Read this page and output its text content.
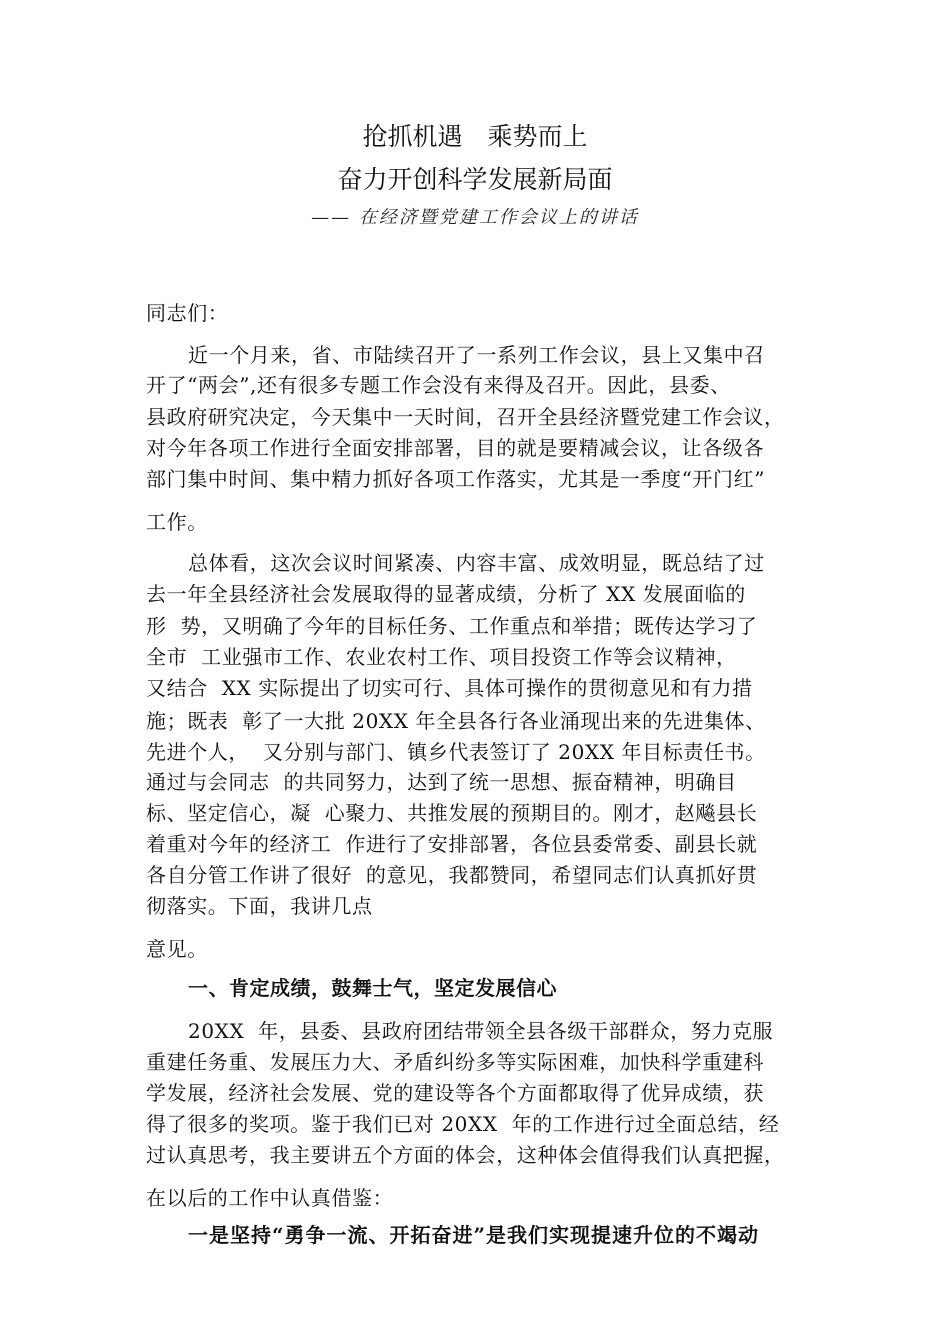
抢抓机遇　乘势而上
奋力开创科学发展新局面
—— 在经济暨党建工作会议上的讲话
同志们：
近一个月来，省、市陆续召开了一系列工作会议，县上又集中召
开了“两会”,还有很多专题工作会没有来得及召开。因此，县委、
县政府研究决定，今天集中一天时间，召开全县经济暨党建工作会议，
对今年各项工作进行全面安排部署，目的就是要精减会议，让各级各
部门集中时间、集中精力抓好各项工作落实，尤其是一季度“开门红”
工作。
总体看，这次会议时间紧凑、内容丰富、成效明显，既总结了过
去一年全县经济社会发展取得的显著成绩，分析了 XX 发展面临的
形  势，又明确了今年的目标任务、工作重点和举措；既传达学习了
全市  工业强市工作、农业农村工作、项目投资工作等会议精神，
又结合  XX 实际提出了切实可行、具体可操作的贯彻意见和有力措
施；既表  彰了一大批 20XX 年全县各行各业涌现出来的先进集体、
先进个人，  又分别与部门、镇乡代表签订了 20XX 年目标责任书。
通过与会同志  的共同努力，达到了统一思想、振奋精神，明确目
标、坚定信心，凝  心聚力、共推发展的预期目的。刚才，赵飚县长
着重对今年的经济工  作进行了安排部署，各位县委常委、副县长就
各自分管工作讲了很好  的意见，我都赞同，希望同志们认真抓好贯
彻落实。下面，我讲几点
意见。
一、肯定成绩，鼓舞士气，坚定发展信心
20XX  年，县委、县政府团结带领全县各级干部群众，努力克服
重建任务重、发展压力大、矛盾纠纷多等实际困难，加快科学重建科
学发展，经济社会发展、党的建设等各个方面都取得了优异成绩，获
得了很多的奖项。鉴于我们已对 20XX  年的工作进行过全面总结，经
过认真思考，我主要讲五个方面的体会，这种体会值得我们认真把握，
在以后的工作中认真借鉴：
一是坚持“勇争一流、开拓奋进”是我们实现提速升位的不竭动
